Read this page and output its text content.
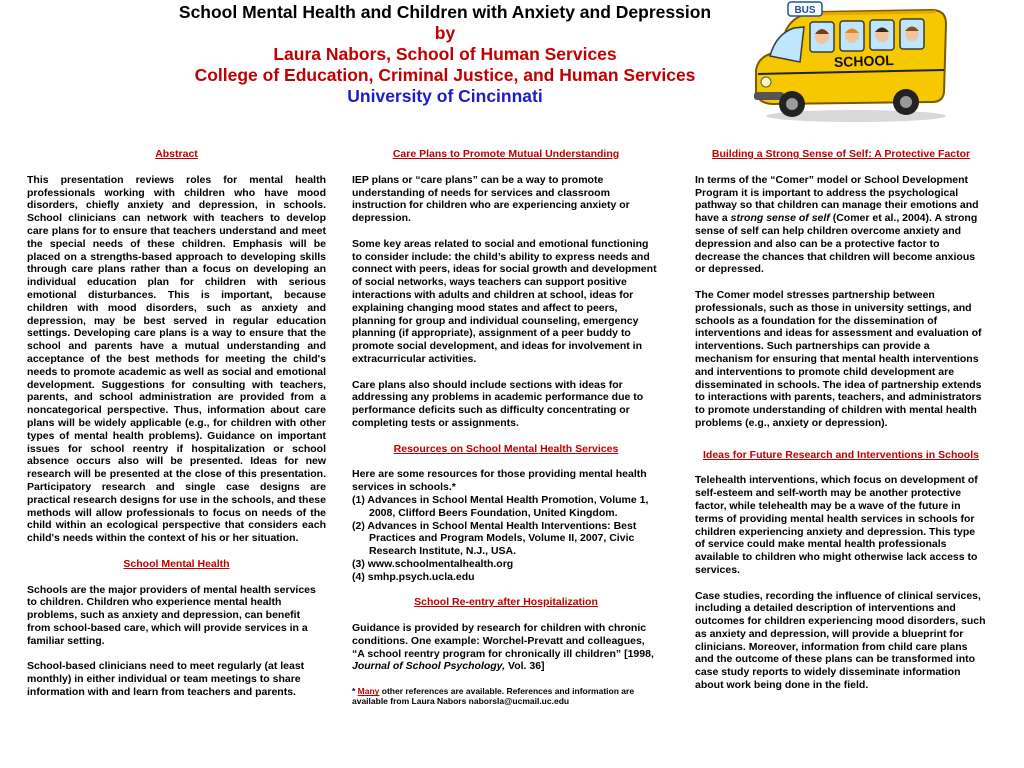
School Mental Health and Children with Anxiety and Depression
by
Laura Nabors, School of Human Services
College of Education, Criminal Justice, and Human Services
University of Cincinnati
BUS
SCHOOL
Abstract

This presentation reviews roles for mental health professionals working with children who have mood disorders, chiefly anxiety and depression, in schools. School clinicians can network with teachers to develop care plans for to ensure that teachers understand and meet the special needs of these children. Emphasis will be placed on a strengths-based approach to developing skills through care plans rather than a focus on developing an individual education plan for children with serious emotional disturbances. This is important, because children with mood disorders, such as anxiety and depression, may be best served in regular education settings. Developing care plans is a way to ensure that the school and parents have a mutual understanding and acceptance of the best methods for meeting the child's needs to promote academic as well as social and emotional development. Suggestions for consulting with teachers, parents, and school administration are provided from a noncategorical perspective. Thus, information about care plans will be widely applicable (e.g., for children with other types of mental health problems). Guidance on important issues for school reentry if hospitalization or school absence occurs also will be presented. Ideas for new research will be presented at the close of this presentation. Participatory research and single case designs are practical research designs for use in the schools, and these methods will allow professionals to focus on needs of the child within an ecological perspective that considers each child's needs within the context of his or her situation.

School Mental Health

Schools are the major providers of mental health services to children. Children who experience mental health problems, such as anxiety and depression, can benefit from school-based care, which will provide services in a familiar setting.

School-based clinicians need to meet regularly (at least monthly) in either individual or team meetings to share information with and learn from teachers and parents.

Care Plans to Promote Mutual Understanding

IEP plans or “care plans” can be a way to promote understanding of needs for services and classroom instruction for children who are experiencing anxiety or depression.

Some key areas related to social and emotional functioning to consider include: the child’s ability to express needs and connect with peers, ideas for social growth and development of social networks, ways teachers can support positive interactions with adults and children at school, ideas for explaining changing mood states and affect to peers, planning for group and individual counseling, emergency planning (if appropriate), assignment of a peer buddy to promote social development, and ideas for involvement in extracurricular activities.

Care plans also should include sections with ideas for addressing any problems in academic performance due to performance deficits such as difficulty concentrating or completing tests or assignments.

Resources on School Mental Health Services
Here are some resources for those providing mental health services in schools.*
(1) Advances in School Mental Health Promotion, Volume 1, 2008, Clifford Beers Foundation, United Kingdom.
(2) Advances in School Mental Health Interventions: Best Practices and Program Models, Volume II, 2007, Civic Research Institute, N.J., USA.
(3) www.schoolmentalhealth.org
(4) smhp.psych.ucla.edu
School Re-entry after Hospitalization

Guidance is provided by research for children with chronic conditions. One example: Worchel-Prevatt and colleagues, “A school reentry program for chronically ill children” [1998, Journal of School Psychology, Vol. 36]

* Many other references are available. References and information are available from Laura Nabors naborsla@ucmail.uc.edu
Building a Strong Sense of Self: A Protective Factor

In terms of the “Comer” model or School Development Program it is important to address the psychological pathway so that children can manage their emotions and have a strong sense of self (Comer et al., 2004). A strong sense of self can help children overcome anxiety and depression and also can be a protective factor to decrease the chances that children will become anxious or depressed.

The Comer model stresses partnership between professionals, such as those in university settings, and schools as a foundation for the dissemination of interventions and ideas for assessment and evaluation of interventions. Such partnerships can provide a mechanism for ensuring that mental health interventions and interventions to promote child development are disseminated in schools. The idea of partnership extends to interactions with parents, teachers, and administrators to promote understanding of children with mental health problems (e.g., anxiety or depression).

Ideas for Future Research and Interventions in Schools

Telehealth interventions, which focus on development of self-esteem and self-worth may be another protective factor, while telehealth may be a wave of the future in terms of providing mental health services in schools for children experiencing anxiety and depression. This type of service could make mental health professionals available to children who might otherwise lack access to services.

Case studies, recording the influence of clinical services, including a detailed description of interventions and outcomes for children experiencing mood disorders, such as anxiety and depression, will provide a blueprint for clinicians. Moreover, information from child care plans and the outcome of these plans can be transformed into case study reports to widely disseminate information about work being done in the field.
